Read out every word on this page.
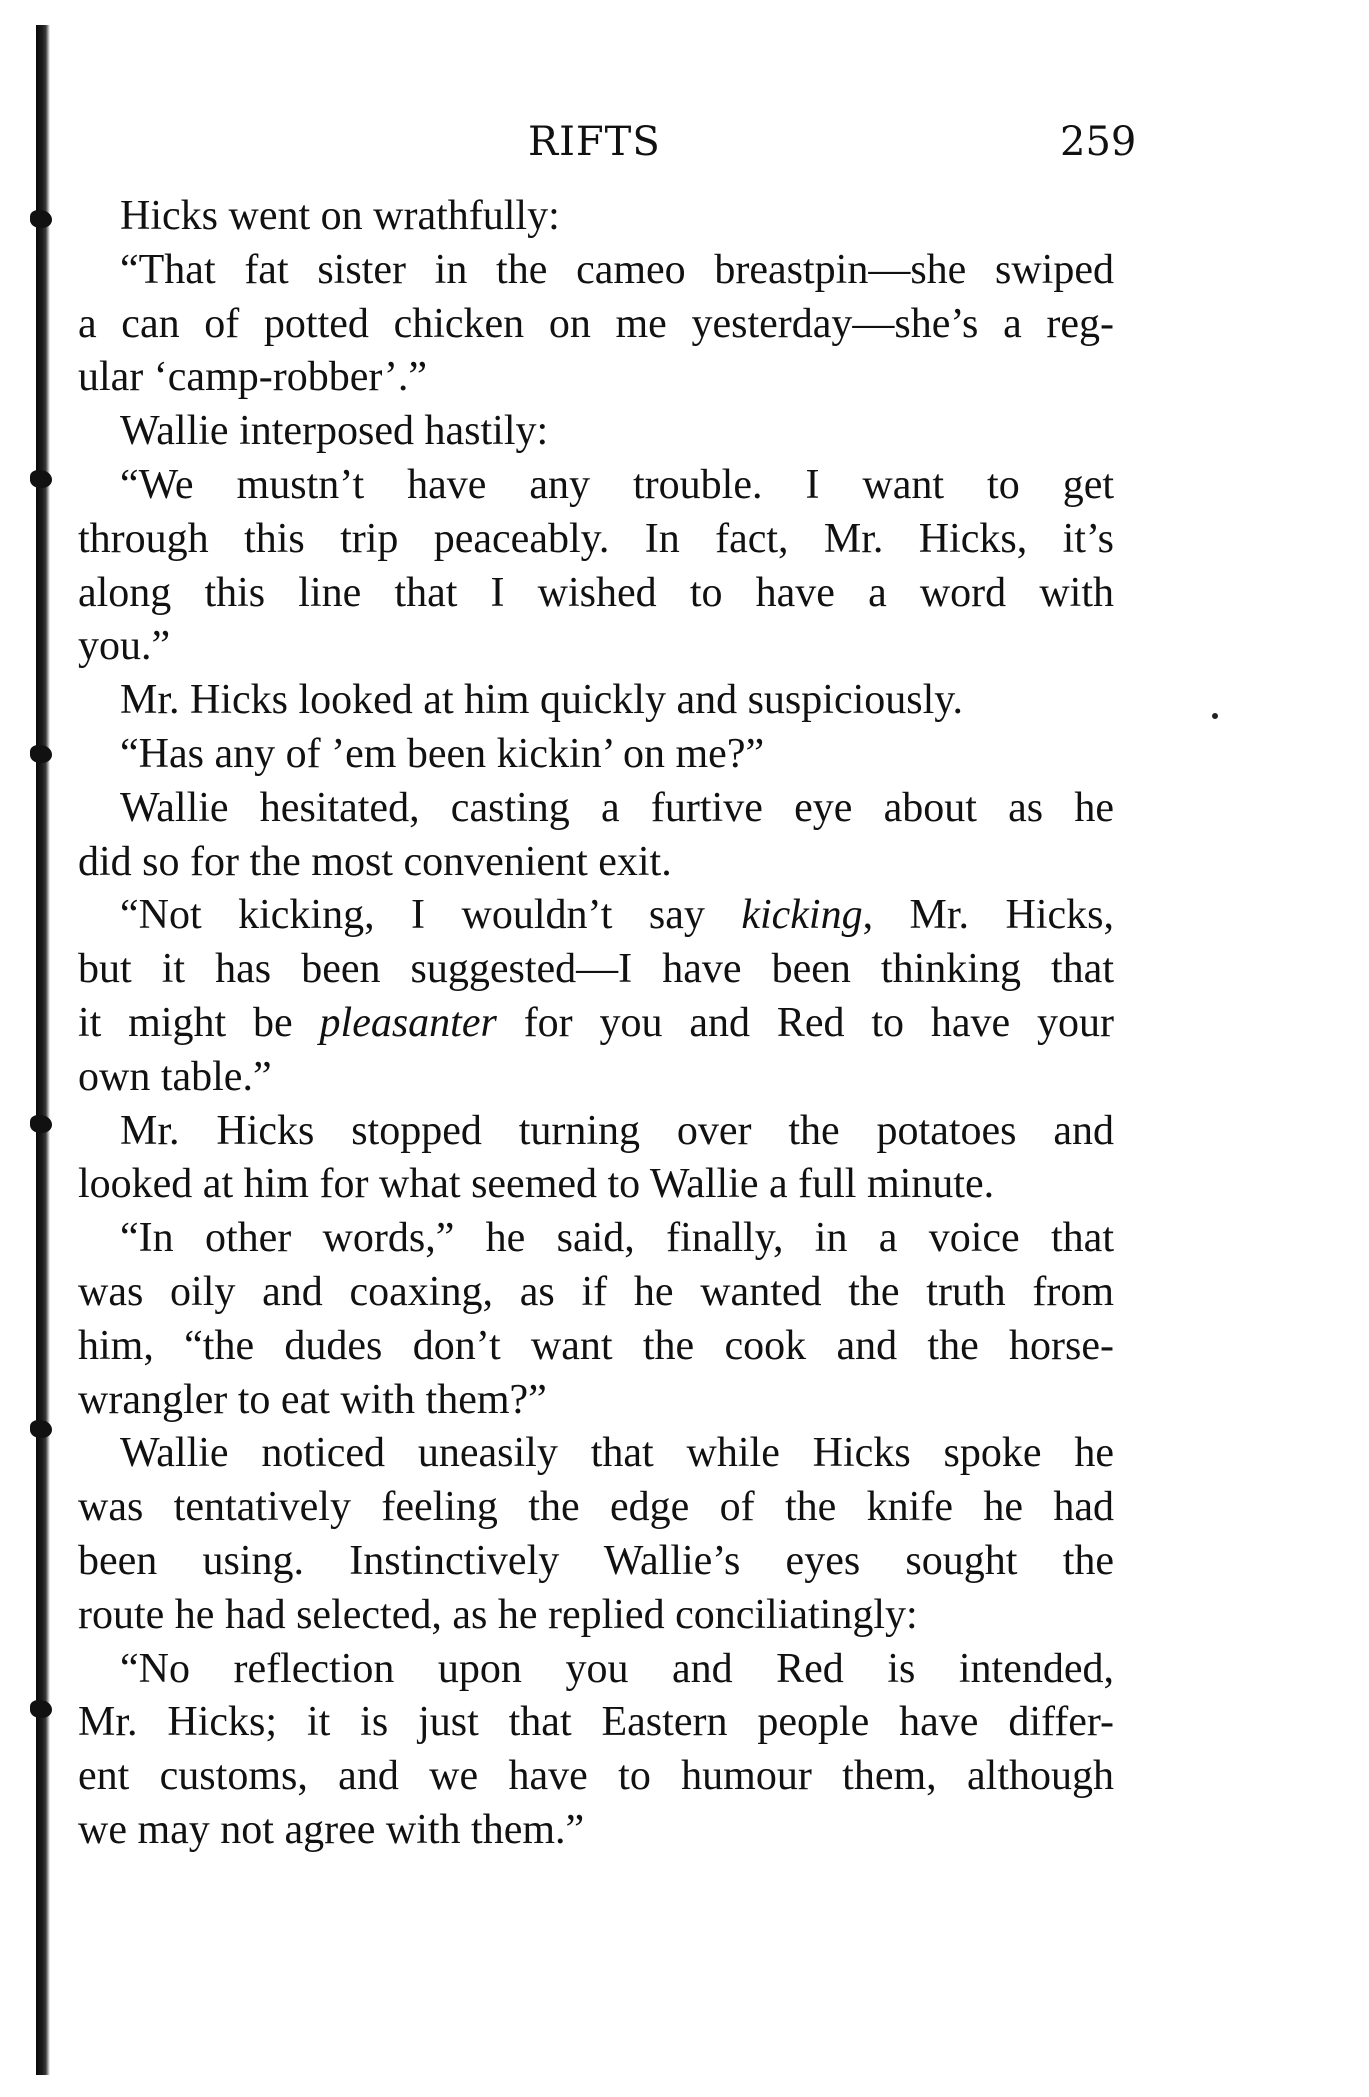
RIFTS	259
Hicks went on wrathfully:
“That fat sister in the cameo breastpin—she swiped
a can of potted chicken on me yesterday—she’s a reg-
ular ‘camp-robber’.”
Wallie interposed hastily:
“We mustn’t have any trouble. I want to get
through this trip peaceably. In fact, Mr. Hicks, it’s
along this line that I wished to have a word with
you.”
Mr. Hicks looked at him quickly and suspiciously.
“Has any of ’em been kickin’ on me?”
Wallie hesitated, casting a furtive eye about as he
did so for the most convenient exit.
“Not kicking, I wouldn’t say kicking, Mr. Hicks,
but it has been suggested—I have been thinking that
it might be pleasanter for you and Red to have your
own table.”
Mr. Hicks stopped turning over the potatoes and
looked at him for what seemed to Wallie a full minute.
“In other words,” he said, finally, in a voice that
was oily and coaxing, as if he wanted the truth from
him, “the dudes don’t want the cook and the horse-
wrangler to eat with them?”
Wallie noticed uneasily that while Hicks spoke he
was tentatively feeling the edge of the knife he had
been using. Instinctively Wallie’s eyes sought the
route he had selected, as he replied conciliatingly:
“No reflection upon you and Red is intended,
Mr. Hicks; it is just that Eastern people have differ-
ent customs, and we have to humour them, although
we may not agree with them.”
